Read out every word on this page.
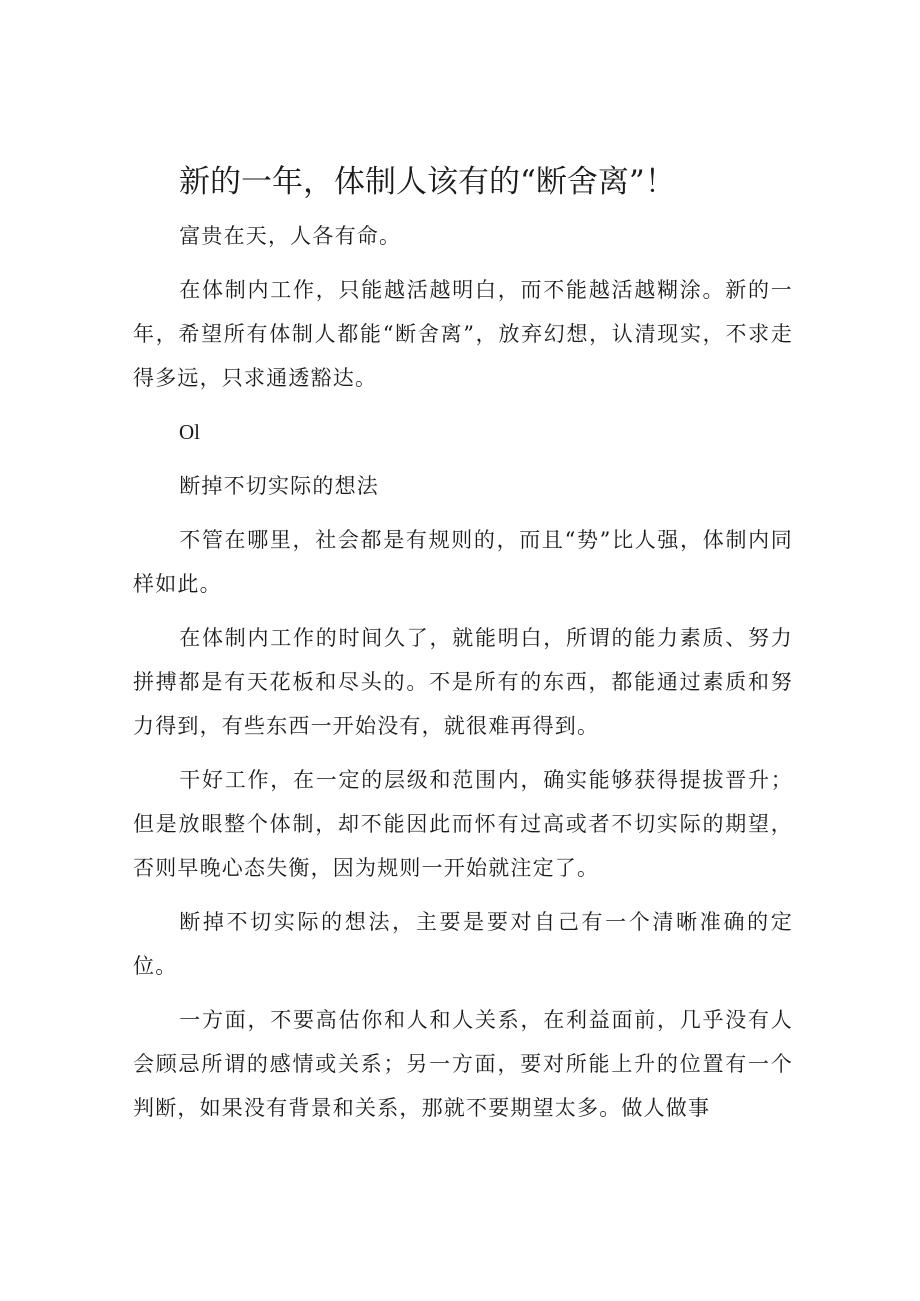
新的一年，体制人该有的“断舍离”！

富贵在天，人各有命。

在体制内工作，只能越活越明白，而不能越活越糊涂。新的一年，希望所有体制人都能“断舍离”，放弃幻想，认清现实，不求走得多远，只求通透豁达。

Ol

断掉不切实际的想法

不管在哪里，社会都是有规则的，而且“势”比人强，体制内同样如此。

在体制内工作的时间久了，就能明白，所谓的能力素质、努力拼搏都是有天花板和尽头的。不是所有的东西，都能通过素质和努力得到，有些东西一开始没有，就很难再得到。

干好工作，在一定的层级和范围内，确实能够获得提拔晋升；但是放眼整个体制，却不能因此而怀有过高或者不切实际的期望，否则早晚心态失衡，因为规则一开始就注定了。

断掉不切实际的想法，主要是要对自己有一个清晰准确的定位。

一方面，不要高估你和人和人关系，在利益面前，几乎没有人会顾忌所谓的感情或关系；另一方面，要对所能上升的位置有一个判断，如果没有背景和关系，那就不要期望太多。做人做事
